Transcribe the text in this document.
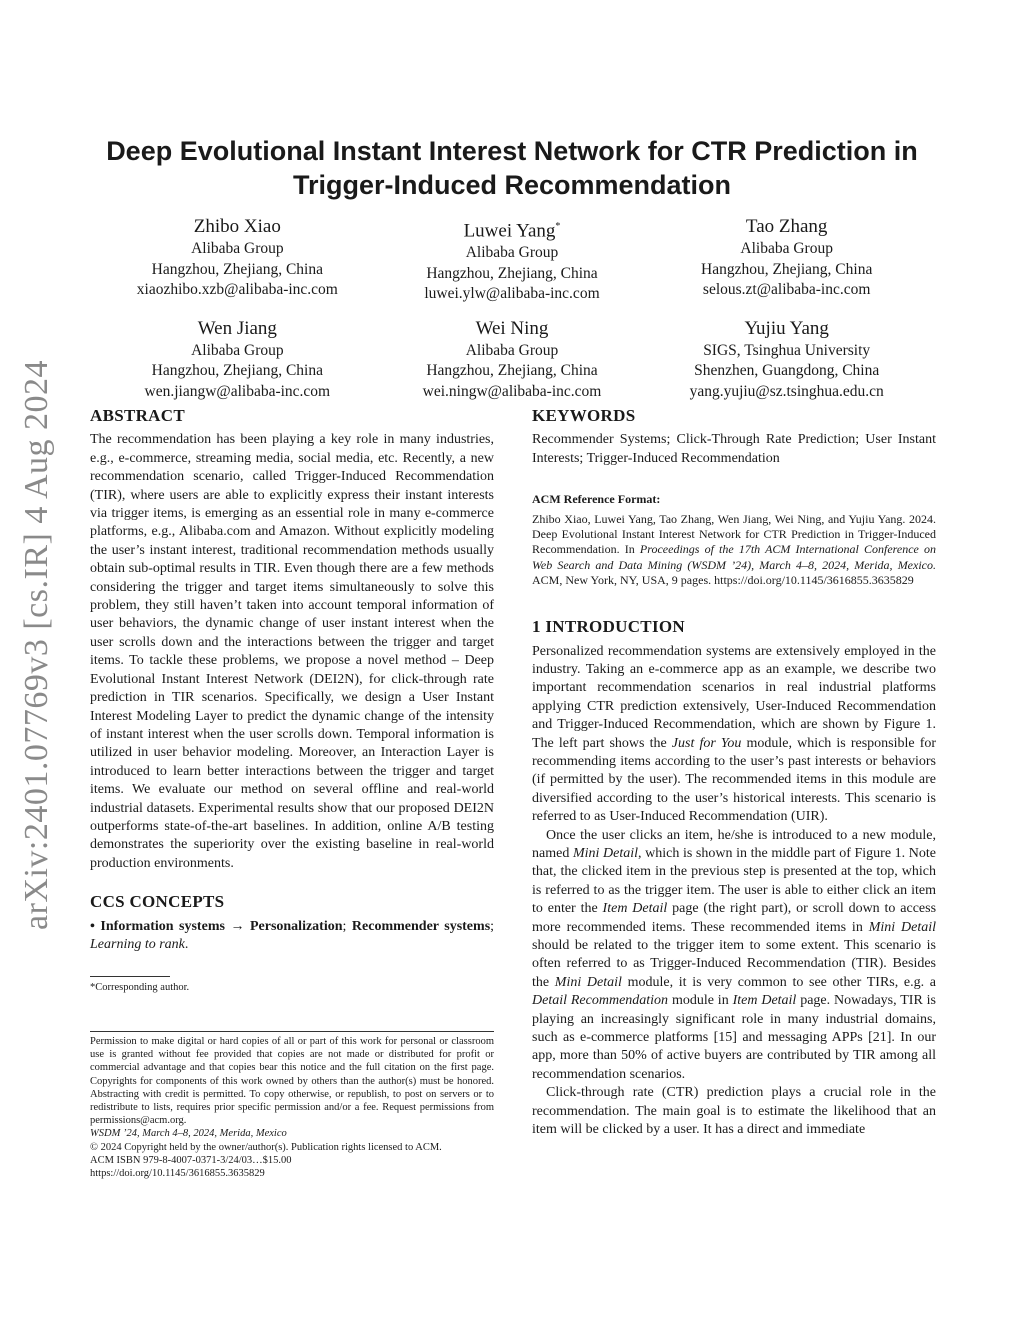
arXiv:2401.07769v3 [cs.IR] 4 Aug 2024
Deep Evolutional Instant Interest Network for CTR Prediction in
Trigger-Induced Recommendation
Zhibo Xiao
Alibaba Group
Hangzhou, Zhejiang, China
xiaozhibo.xzb@alibaba-inc.com
Luwei Yang*
Alibaba Group
Hangzhou, Zhejiang, China
luwei.ylw@alibaba-inc.com
Tao Zhang
Alibaba Group
Hangzhou, Zhejiang, China
selous.zt@alibaba-inc.com
Wen Jiang
Alibaba Group
Hangzhou, Zhejiang, China
wen.jiangw@alibaba-inc.com
Wei Ning
Alibaba Group
Hangzhou, Zhejiang, China
wei.ningw@alibaba-inc.com
Yujiu Yang
SIGS, Tsinghua University
Shenzhen, Guangdong, China
yang.yujiu@sz.tsinghua.edu.cn
ABSTRACT

The recommendation has been playing a key role in many industries, e.g., e-commerce, streaming media, social media, etc. Recently, a new recommendation scenario, called Trigger-Induced Recommendation (TIR), where users are able to explicitly express their instant interests via trigger items, is emerging as an essential role in many e-commerce platforms, e.g., Alibaba.com and Amazon. Without explicitly modeling the user’s instant interest, traditional recommendation methods usually obtain sub-optimal results in TIR. Even though there are a few methods considering the trigger and target items simultaneously to solve this problem, they still haven’t taken into account temporal information of user behaviors, the dynamic change of user instant interest when the user scrolls down and the interactions between the trigger and target items. To tackle these problems, we propose a novel method – Deep Evolutional Instant Interest Network (DEI2N), for click-through rate prediction in TIR scenarios. Specifically, we design a User Instant Interest Modeling Layer to predict the dynamic change of the intensity of instant interest when the user scrolls down. Temporal information is utilized in user behavior modeling. Moreover, an Interaction Layer is introduced to learn better interactions between the trigger and target items. We evaluate our method on several offline and real-world industrial datasets. Experimental results show that our proposed DEI2N outperforms state-of-the-art baselines. In addition, online A/B testing demonstrates the superiority over the existing baseline in real-world production environments.

CCS CONCEPTS

• Information systems → Personalization; Recommender systems; Learning to rank.

*Corresponding author.

Permission to make digital or hard copies of all or part of this work for personal or classroom use is granted without fee provided that copies are not made or distributed for profit or commercial advantage and that copies bear this notice and the full citation on the first page. Copyrights for components of this work owned by others than the author(s) must be honored. Abstracting with credit is permitted. To copy otherwise, or republish, to post on servers or to redistribute to lists, requires prior specific permission and/or a fee. Request permissions from permissions@acm.org.

WSDM ’24, March 4–8, 2024, Merida, Mexico

© 2024 Copyright held by the owner/author(s). Publication rights licensed to ACM.

ACM ISBN 979-8-4007-0371-3/24/03…$15.00

https://doi.org/10.1145/3616855.3635829

KEYWORDS

Recommender Systems; Click-Through Rate Prediction; User Instant Interests; Trigger-Induced Recommendation

ACM Reference Format:

Zhibo Xiao, Luwei Yang, Tao Zhang, Wen Jiang, Wei Ning, and Yujiu Yang. 2024. Deep Evolutional Instant Interest Network for CTR Prediction in Trigger-Induced Recommendation. In Proceedings of the 17th ACM International Conference on Web Search and Data Mining (WSDM ’24), March 4–8, 2024, Merida, Mexico. ACM, New York, NY, USA, 9 pages. https://doi.org/10.1145/3616855.3635829

1 INTRODUCTION

Personalized recommendation systems are extensively employed in the industry. Taking an e-commerce app as an example, we describe two important recommendation scenarios in real industrial platforms applying CTR prediction extensively, User-Induced Recommendation and Trigger-Induced Recommendation, which are shown by Figure 1. The left part shows the Just for You module, which is responsible for recommending items according to the user’s past interests or behaviors (if permitted by the user). The recommended items in this module are diversified according to the user’s historical interests. This scenario is referred to as User-Induced Recommendation (UIR).

Once the user clicks an item, he/she is introduced to a new module, named Mini Detail, which is shown in the middle part of Figure 1. Note that, the clicked item in the previous step is presented at the top, which is referred to as the trigger item. The user is able to either click an item to enter the Item Detail page (the right part), or scroll down to access more recommended items. These recommended items in Mini Detail should be related to the trigger item to some extent. This scenario is often referred to as Trigger-Induced Recommendation (TIR). Besides the Mini Detail module, it is very common to see other TIRs, e.g. a Detail Recommendation module in Item Detail page. Nowadays, TIR is playing an increasingly significant role in many industrial domains, such as e-commerce platforms [15] and messaging APPs [21]. In our app, more than 50% of active buyers are contributed by TIR among all recommendation scenarios.

Click-through rate (CTR) prediction plays a crucial role in the recommendation. The main goal is to estimate the likelihood that an item will be clicked by a user. It has a direct and immediate
